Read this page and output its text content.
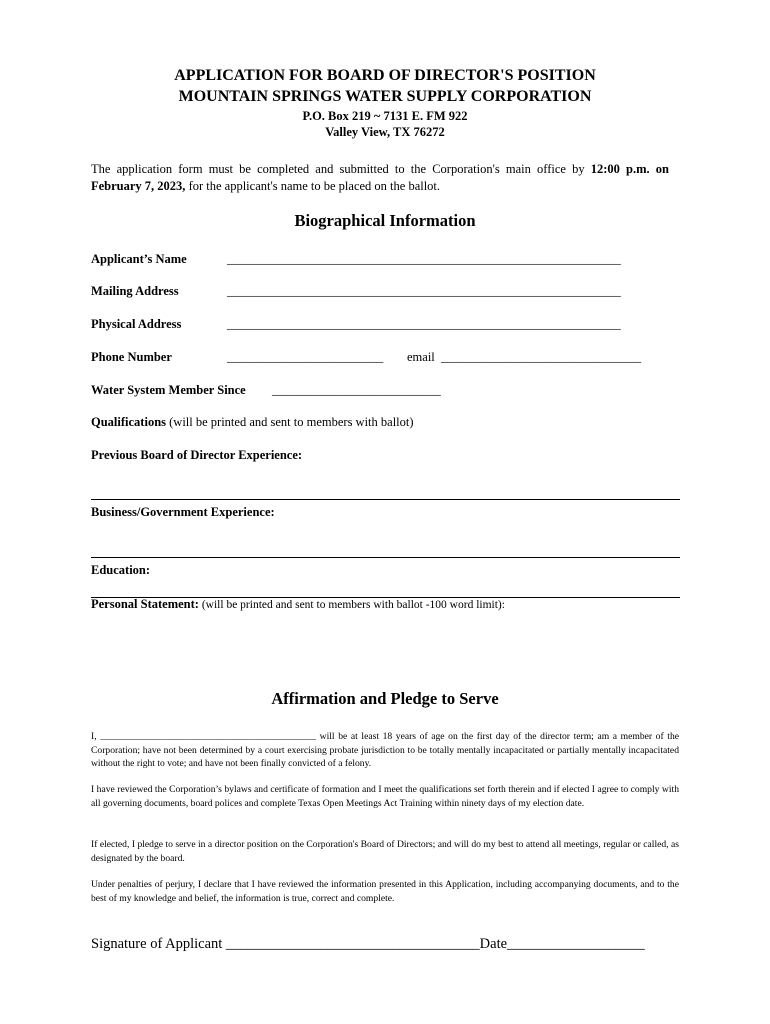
APPLICATION FOR BOARD OF DIRECTOR'S POSITION
MOUNTAIN SPRINGS WATER SUPPLY CORPORATION
P.O. Box 219 ~ 7131 E. FM 922
Valley View, TX 76272
The application form must be completed and submitted to the Corporation's main office by 12:00 p.m. on February 7, 2023, for the applicant's name to be placed on the ballot.
Biographical Information
Applicant’s Name	_______________________________________________________________
Mailing Address	_______________________________________________________________
Physical Address	_______________________________________________________________
Phone Number	_________________________ email ________________________________
Water System Member Since ___________________________
Qualifications (will be printed and sent to members with ballot)
Previous Board of Director Experience:
Business/Government Experience:
Education:
Personal Statement: (will be printed and sent to members with ballot -100 word limit):
Affirmation and Pledge to Serve
I, _____________________________________________ will be at least 18 years of age on the first day of the director term; am a member of the Corporation; have not been determined by a court exercising probate jurisdiction to be totally mentally incapacitated or partially mentally incapacitated without the right to vote; and have not been finally convicted of a felony.
I have reviewed the Corporation’s bylaws and certificate of formation and I meet the qualifications set forth therein and if elected I agree to comply with all governing documents, board polices and complete Texas Open Meetings Act Training within ninety days of my election date.
If elected, I pledge to serve in a director position on the Corporation's Board of Directors; and will do my best to attend all meetings, regular or called, as designated by the board.
Under penalties of perjury, I declare that I have reviewed the information presented in this Application, including accompanying documents, and to the best of my knowledge and belief, the information is true, correct and complete.
Signature of Applicant ___________________________________Date___________________
